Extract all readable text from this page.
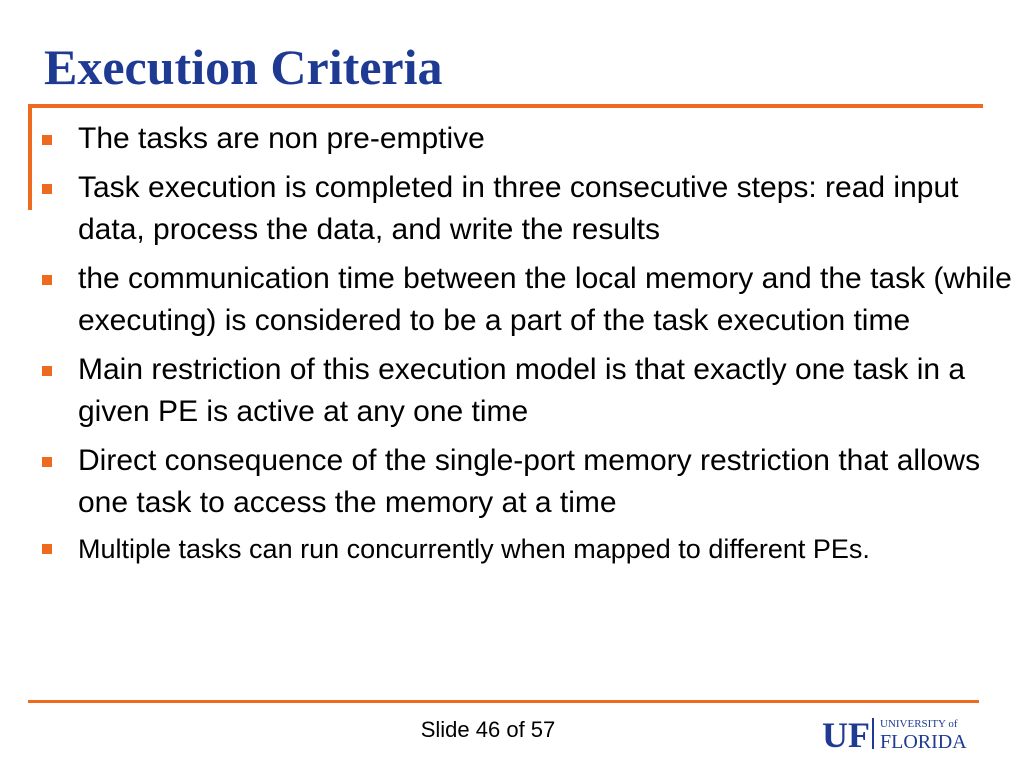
Execution Criteria
The tasks are non pre-emptive
Task execution is completed in three consecutive steps: read input data, process the data, and write the results
the communication time between the local memory and the task (while executing) is considered to be a part of the task execution time
Main restriction of this execution model is that exactly one task in a given PE is active at any one time
Direct consequence of the single-port memory restriction that allows one task to access the memory at a time
Multiple tasks can run concurrently when mapped to different PEs.
Slide 46 of 57	UF UNIVERSITY of
FLORIDA
